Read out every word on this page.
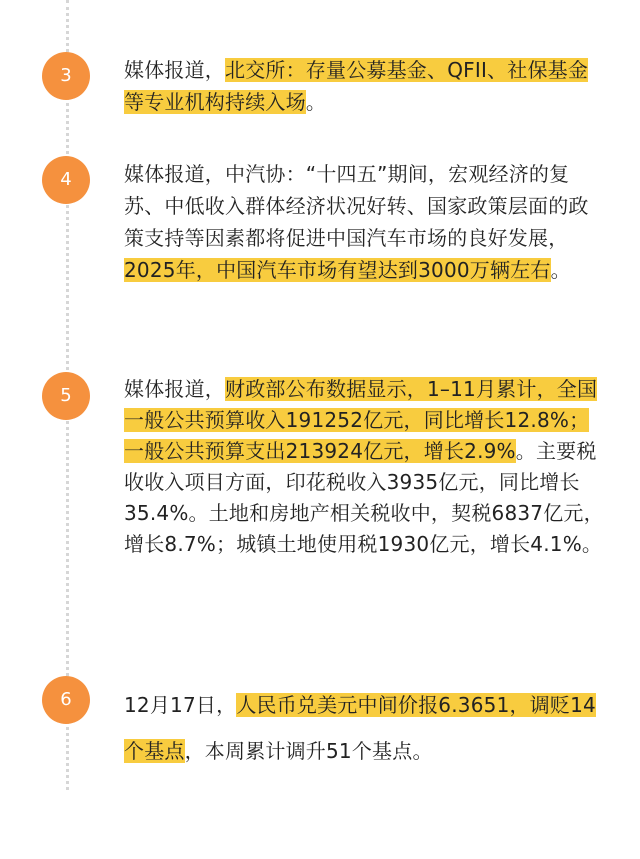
3	媒体报道，北交所：存量公募基金、QFII、社保基金等专业机构持续入场。

4	媒体报道，中汽协：“十四五”期间，宏观经济的复苏、中低收入群体经济状况好转、国家政策层面的政策支持等因素都将促进中国汽车市场的良好发展，2025年，中国汽车市场有望达到3000万辆左右。

5	媒体报道，财政部公布数据显示，1–11月累计，全国一般公共预算收入191252亿元，同比增长12.8%；一般公共预算支出213924亿元，增长2.9%。主要税收收入项目方面，印花税收入3935亿元，同比增长35.4%。土地和房地产相关税收中，契税6837亿元，增长8.7%；城镇土地使用税1930亿元，增长4.1%。

6	12月17日，人民币兑美元中间价报6.3651，调贬14个基点，本周累计调升51个基点。
